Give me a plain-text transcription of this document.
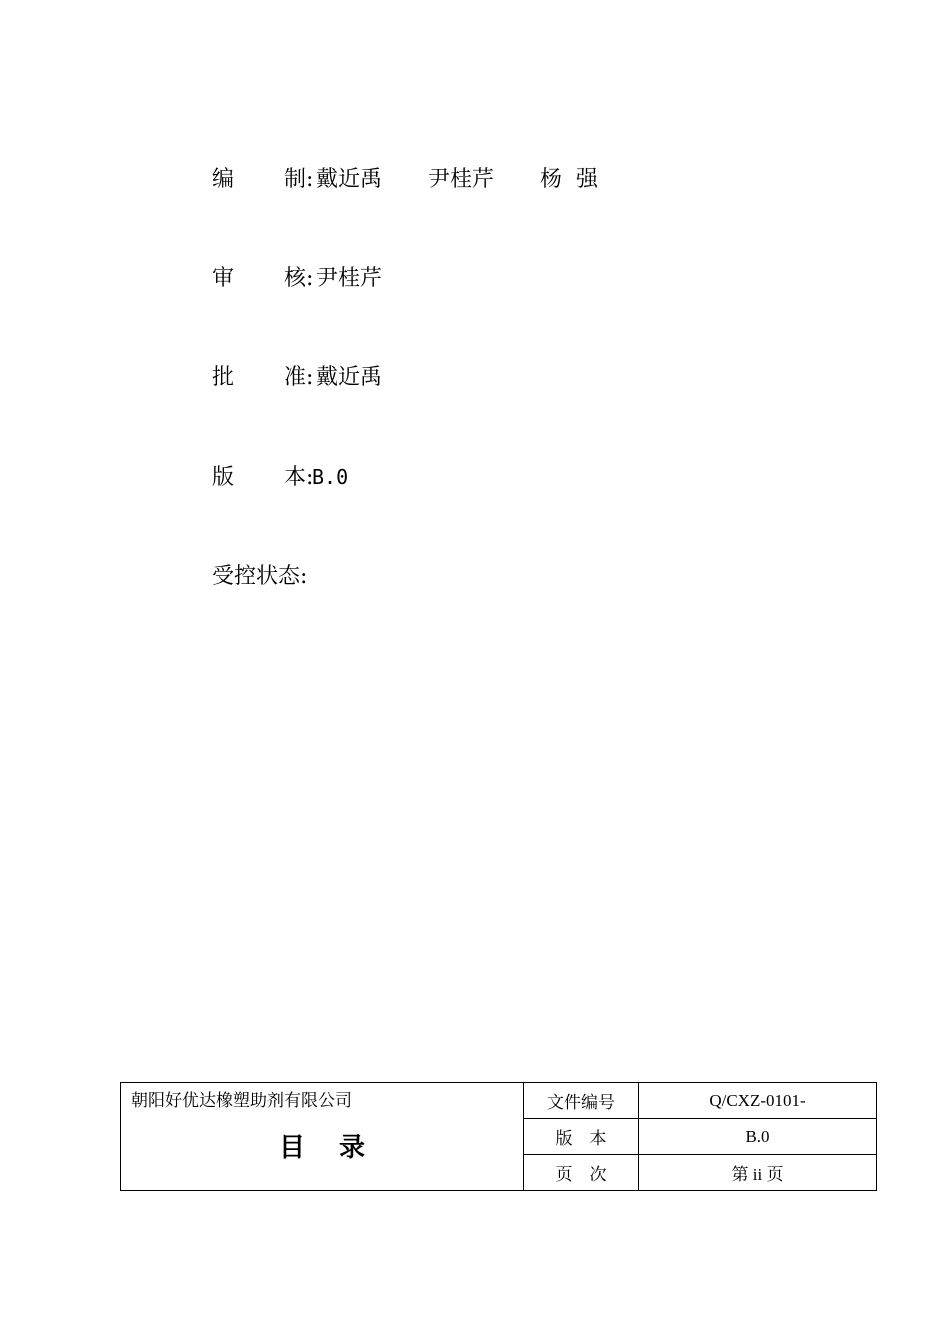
编 制: 戴近禹 尹桂芹 杨  强
审 核: 尹桂芹
批 准: 戴近禹
版 本:B.0
受控状态:
朝阳好优达橡塑助剂有限公司
目录	文件编号	Q/CXZ-0101-
	版    本	B.0
	页    次	第 ii 页
